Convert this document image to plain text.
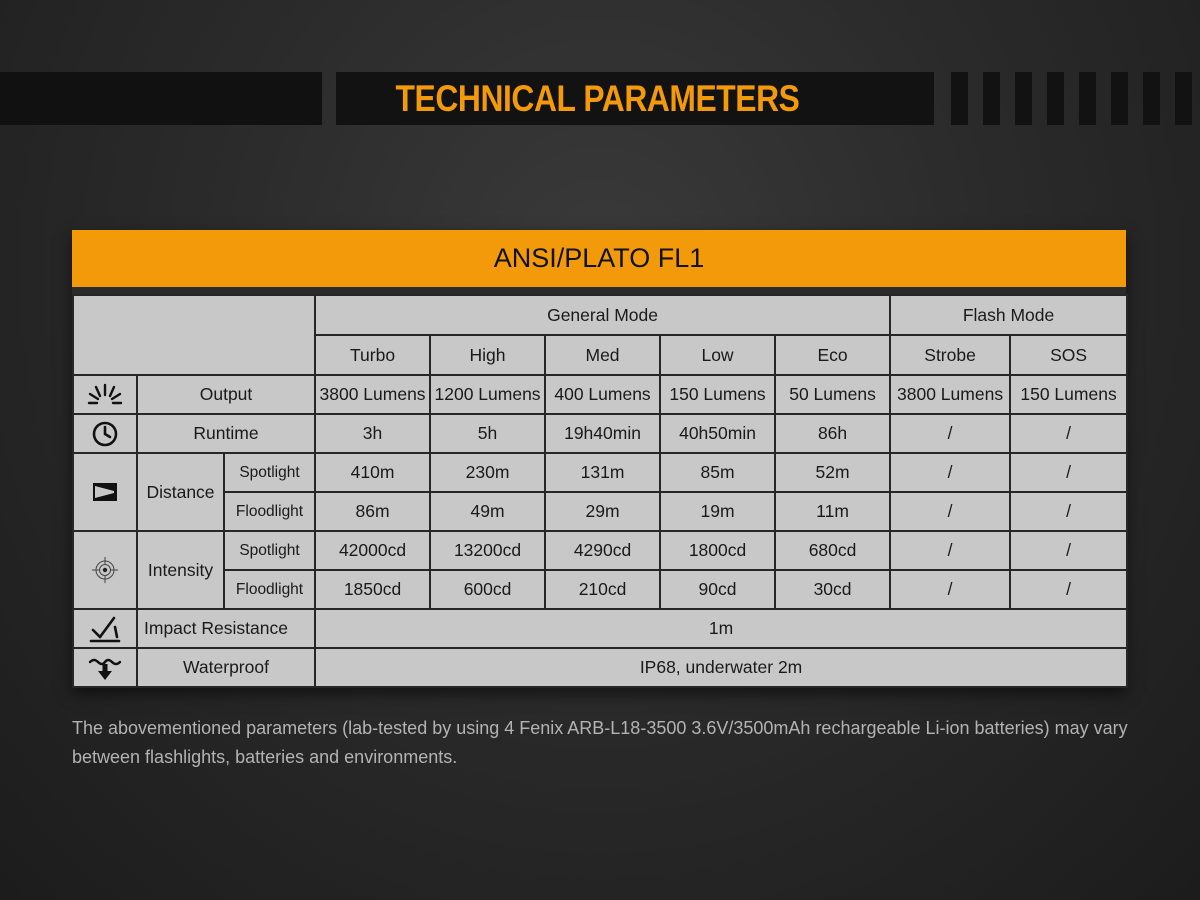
TECHNICAL PARAMETERS
ANSI/PLATO FL1
			General Mode					Flash Mode	
			Turbo	High	Med	Low	Eco	Strobe	SOS

	Output		3800 Lumens	1200 Lumens	400 Lumens	150 Lumens	50 Lumens	3800 Lumens	150 Lumens

	Runtime		3h	5h	19h40min	40h50min	86h	/	/

	Distance	Spotlight	410m	230m	131m	85m	52m	/	/
		Floodlight	86m	49m	29m	19m	11m	/	/

	Intensity	Spotlight	42000cd	13200cd	4290cd	1800cd	680cd	/	/
		Floodlight	1850cd	600cd	210cd	90cd	30cd	/	/

	Impact Resistance		1m						

	Waterproof		IP68, underwater 2m						
The abovementioned parameters (lab-tested by using 4 Fenix ARB-L18-3500 3.6V/3500mAh rechargeable Li-ion batteries) may vary between flashlights, batteries and environments.
